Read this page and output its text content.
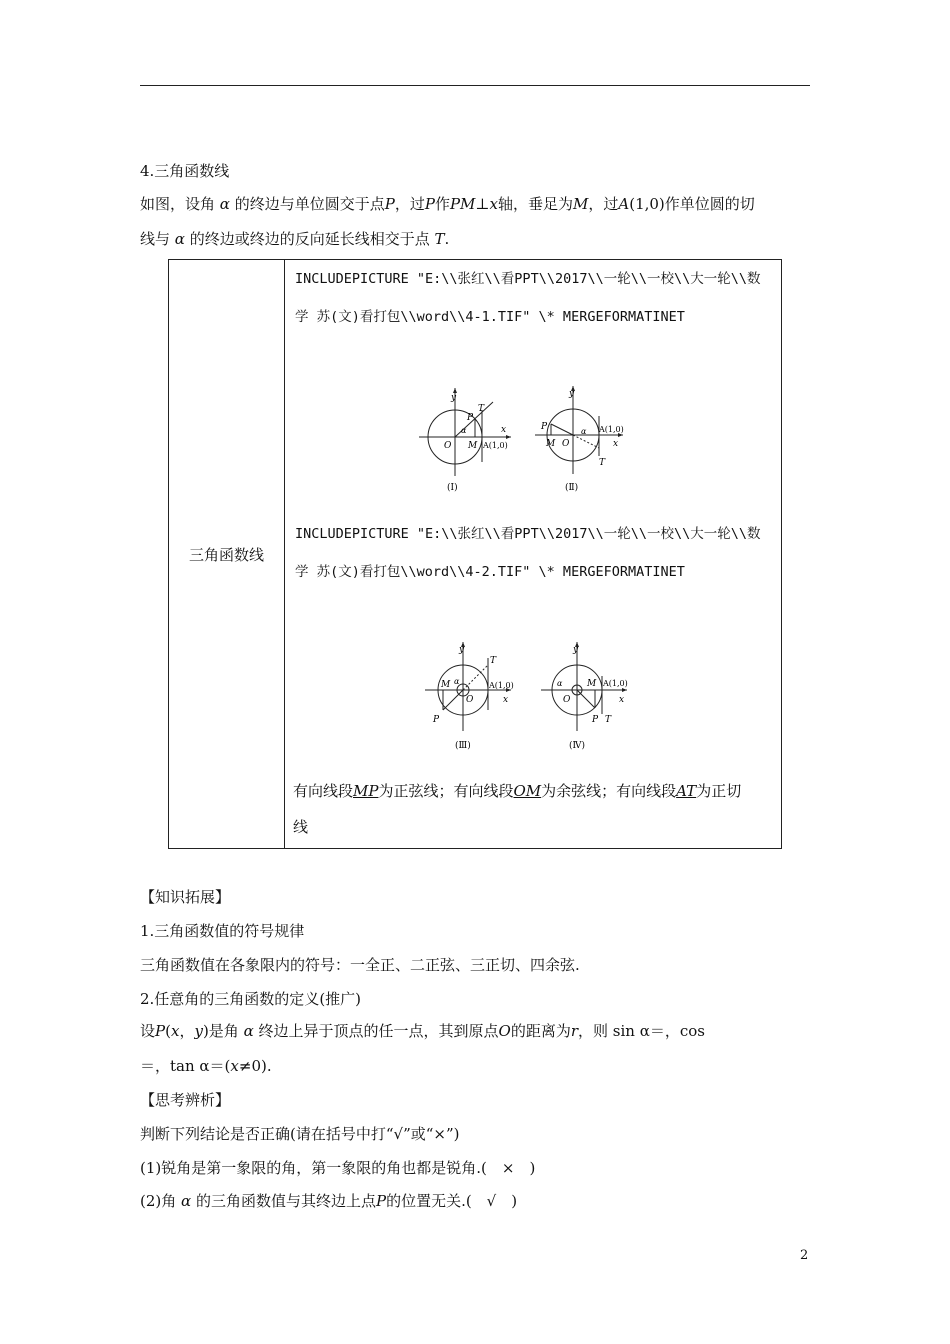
4.三角函数线
如图，设角 α 的终边与单位圆交于点P，过P作PM⊥x轴，垂足为M，过A(1,0)作单位圆的切
线与 α 的终边或终边的反向延长线相交于点 T.
三角函数线	
INCLUDEPICTURE "E:\\张红\\看PPT\\2017\\一轮\\一校\\大一轮\\数学 苏(文)看打包\\word\\4-1.TIF" \* MERGEFORMATINET
y
x
O M
P
T
α
A(1,0)
(Ⅰ)
y
x
P
M O
α A(1,0)
T
(Ⅱ)
INCLUDEPICTURE "E:\\张红\\看PPT\\2017\\一轮\\一校\\大一轮\\数学 苏(文)看打包\\word\\4-2.TIF" \* MERGEFORMATINET
y
x
M α
O
P
T
A(1,0)
(Ⅲ)
y
x
α	M A(1,0)
O
P T
(Ⅳ)
有向线段MP为正弦线；有向线段OM为余弦线；有向线段AT为正切
线
【知识拓展】
1.三角函数值的符号规律
三角函数值在各象限内的符号：一全正、二正弦、三正切、四余弦.
2.任意角的三角函数的定义(推广)
设P(x，y)是角 α 终边上异于顶点的任一点，其到原点O的距离为r，则 sin α＝，cos
＝，tan α＝(x≠0).
【思考辨析】
判断下列结论是否正确(请在括号中打“√”或“×”)
(1)锐角是第一象限的角，第一象限的角也都是锐角.(　×　)
(2)角 α 的三角函数值与其终边上点P的位置无关.(　√　)
2
